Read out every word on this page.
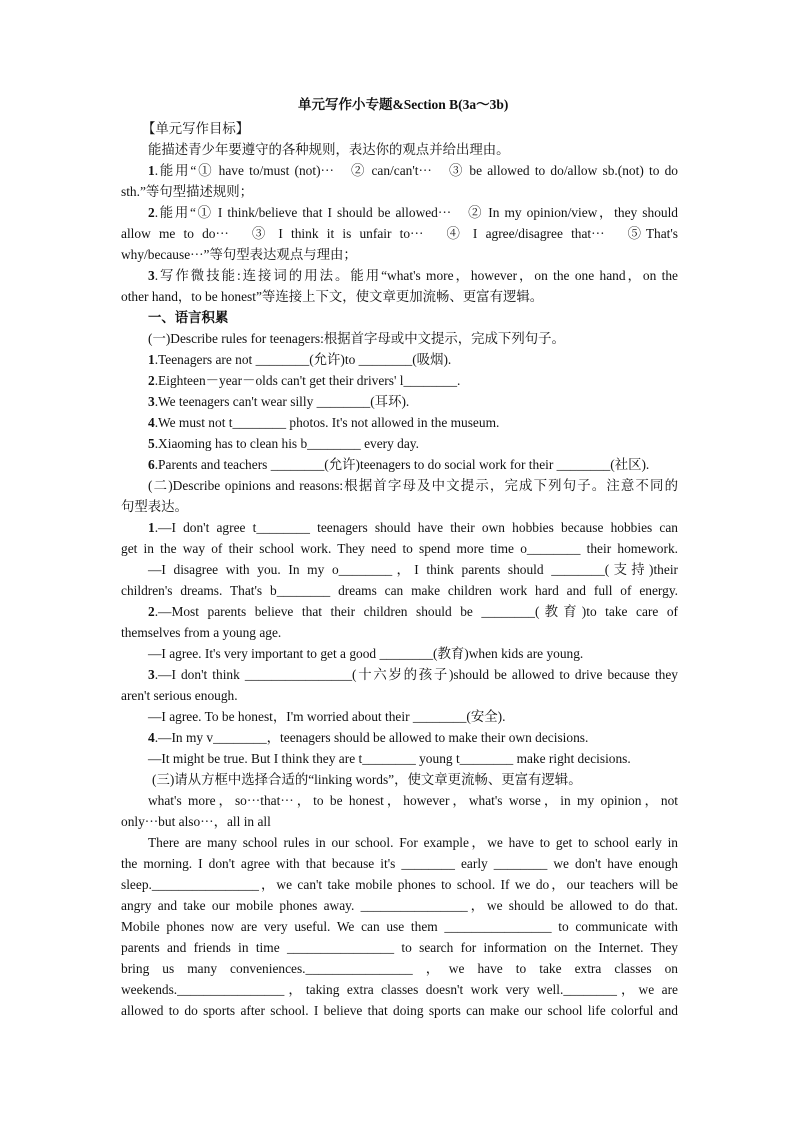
单元写作小专题&Section B(3a～3b)
【单元写作目标】
能描述青少年要遵守的各种规则，表达你的观点并给出理由。
1.能用“① have to/must (not)···　② can/can't···　③ be allowed to do/allow sb.(not) to do
sth.”等句型描述规则；
2.能用“① I think/believe that I should be allowed···　② In my opinion/view，they should
allow me to do···　③ I think it is unfair to···　④ I agree/disagree that···　⑤That's
why/because···”等句型表达观点与理由；
3.写作微技能:连接词的用法。能用“what's more，however，on the one hand，on the
other hand，to be honest”等连接上下文，使文章更加流畅、更富有逻辑。
一、语言积累
(一)Describe rules for teenagers:根据首字母或中文提示，完成下列句子。
1.Teenagers are not ________(允许)to ________(吸烟).
2.Eighteen－year－olds can't get their drivers' l________.
3.We teenagers can't wear silly ________(耳环).
4.We must not t________ photos. It's not allowed in the museum.
5.Xiaoming has to clean his b________ every day.
6.Parents and teachers ________(允许)teenagers to do social work for their ________(社区).
(二)Describe opinions and reasons:根据首字母及中文提示，完成下列句子。注意不同的
句型表达。
1.—I don't agree t________ teenagers should have their own hobbies because hobbies can
get in the way of their school work. They need to spend more time o________ their homework.
—I disagree with you. In my o________，I think parents should ________(支持)their
children's dreams. That's b________ dreams can make children work hard and full of energy.
2.—Most parents believe that their children should be ________(教育)to take care of
themselves from a young age.
—I agree. It's very important to get a good ________(教育)when kids are young.
3.—I don't think ________________(十六岁的孩子)should be allowed to drive because they
aren't serious enough.
—I agree. To be honest，I'm worried about their ________(安全).
4.—In my v________，teenagers should be allowed to make their own decisions.
—It might be true. But I think they are t________ young t________ make right decisions.
(三)请从方框中选择合适的“linking words”，使文章更流畅、更富有逻辑。
what's more，so···that···，to be honest，however，what's worse，in my opinion，not
only···but also···，all in all
There are many school rules in our school. For example，we have to get to school early in
the morning. I don't agree with that because it's ________ early ________ we don't have enough
sleep.________________，we can't take mobile phones to school. If we do，our teachers will be
angry and take our mobile phones away. ________________，we should be allowed to do that.
Mobile phones now are very useful. We can use them ________________ to communicate with
parents and friends in time ________________ to search for information on the Internet. They
bring us many conveniences.________________ ，we have to take extra classes on
weekends.________________，taking extra classes doesn't work very well.________，we are
allowed to do sports after school. I believe that doing sports can make our school life colorful and
